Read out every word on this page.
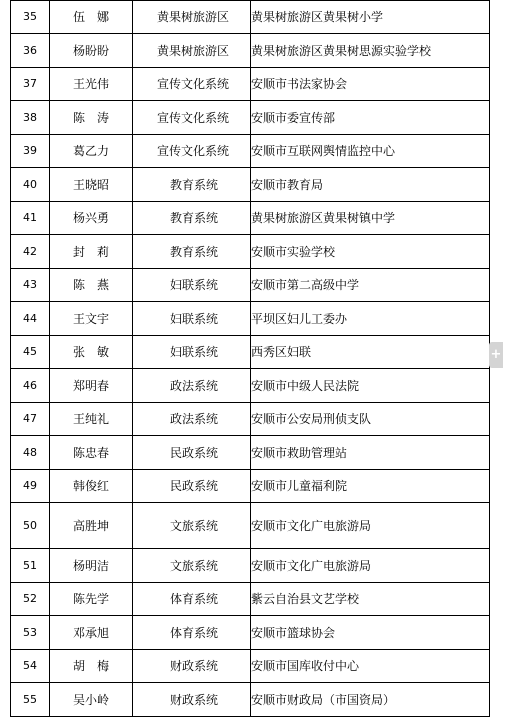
35	伍　娜	黄果树旅游区	黄果树旅游区黄果树小学
36	杨盼盼	黄果树旅游区	黄果树旅游区黄果树思源实验学校
37	王光伟	宣传文化系统	安顺市书法家协会
38	陈　涛	宣传文化系统	安顺市委宣传部
39	葛乙力	宣传文化系统	安顺市互联网舆情监控中心
40	王晓昭	教育系统	安顺市教育局
41	杨兴勇	教育系统	黄果树旅游区黄果树镇中学
42	封　莉	教育系统	安顺市实验学校
43	陈　燕	妇联系统	安顺市第二高级中学
44	王文宇	妇联系统	平坝区妇儿工委办
45	张　敏	妇联系统	西秀区妇联
46	郑明春	政法系统	安顺市中级人民法院
47	王纯礼	政法系统	安顺市公安局刑侦支队
48	陈忠春	民政系统	安顺市救助管理站
49	韩俊红	民政系统	安顺市儿童福利院
50	高胜坤	文旅系统	安顺市文化广电旅游局
51	杨明洁	文旅系统	安顺市文化广电旅游局
52	陈先学	体育系统	紫云自治县文艺学校
53	邓承旭	体育系统	安顺市篮球协会
54	胡　梅	财政系统	安顺市国库收付中心
55	吴小岭	财政系统	安顺市财政局（市国资局）
+
